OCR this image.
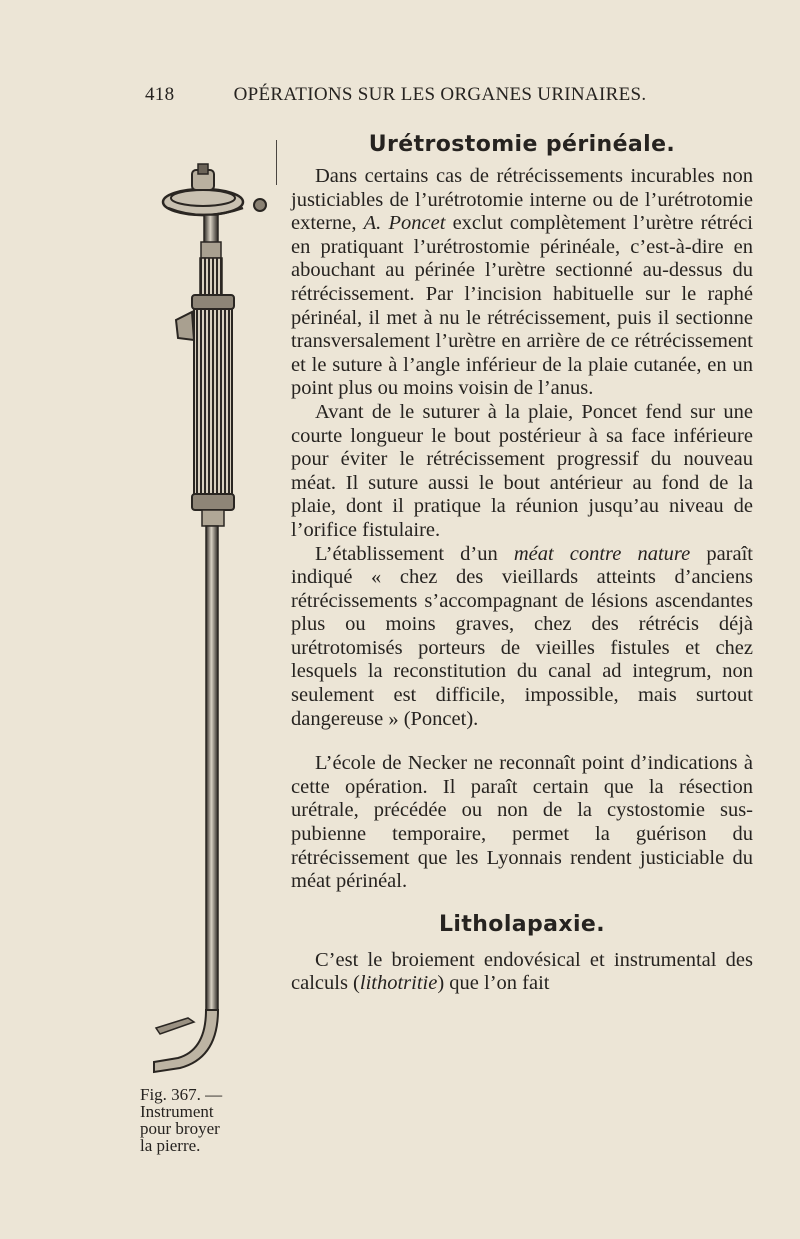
418	OPÉRATIONS SUR LES ORGANES URINAIRES.
Fig. 367. —
Instrument
pour broyer
la pierre.
Urétrostomie périnéale.

Dans certains cas de rétrécissements incurables non justiciables de l’urétrotomie interne ou de l’urétrotomie externe, A. Poncet exclut complètement l’urètre rétréci en pratiquant l’urétrostomie périnéale, c’est-à-dire en abouchant au périnée l’urètre sectionné au-dessus du rétrécissement. Par l’incision habituelle sur le raphé périnéal, il met à nu le rétrécissement, puis il sectionne transversalement l’urètre en arrière de ce rétrécissement et le suture à l’angle inférieur de la plaie cutanée, en un point plus ou moins voisin de l’anus.

Avant de le suturer à la plaie, Poncet fend sur une courte longueur le bout postérieur à sa face inférieure pour éviter le rétrécissement progressif du nouveau méat. Il suture aussi le bout antérieur au fond de la plaie, dont il pratique la réunion jusqu’au niveau de l’orifice fistulaire.

L’établissement d’un méat contre nature paraît indiqué « chez des vieillards atteints d’anciens rétrécissements s’accompagnant de lésions ascendantes plus ou moins graves, chez des rétrécis déjà urétrotomisés porteurs de vieilles fistules et chez lesquels la reconstitution du canal ad integrum, non seulement est difficile, impossible, mais surtout dangereuse » (Poncet).

L’école de Necker ne reconnaît point d’indications à cette opération. Il paraît certain que la résection urétrale, précédée ou non de la cystostomie sus-pubienne temporaire, permet la guérison du rétrécissement que les Lyonnais rendent justiciable du méat périnéal.

Litholapaxie.

C’est le broiement endovésical et instrumental des calculs (lithotritie) que l’on fait
